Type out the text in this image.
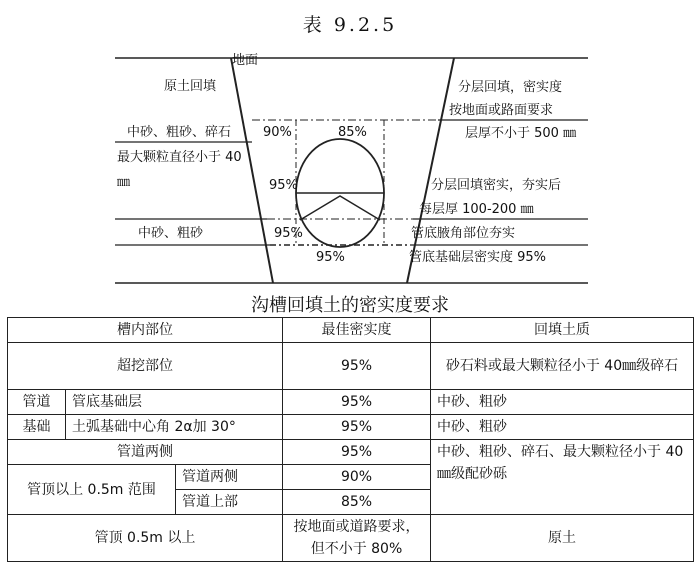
表 9.2.5
地面
原土回填	分层回填，密实度
按地面或路面要求
中砂、粗砂、碎石 90%	85%	层厚不小于 500 ㎜
最大颗粒直径小于 40
㎜	95%	分层回填密实，夯实后
每层厚 100-200 ㎜
中砂、粗砂	95%	管底腋角部位夯实
95%	管底基础层密实度 95%
沟槽回填土的密实度要求
槽内部位			最佳密实度	回填土质
超挖部位			95%	砂石料或最大颗粒径小于 40㎜级碎石
管道	管底基础层		95%	中砂、粗砂
基础	土弧基础中心角 2α加 30°		95%	中砂、粗砂
管道两侧			95%	中砂、粗砂、碎石、最大颗粒径小于 40 ㎜级配砂砾
管顶以上 0.5m 范围		管道两侧	90%	
		管道上部	85%	
管顶 0.5m 以上			按地面或道路要求，但不小于 80%	原土
